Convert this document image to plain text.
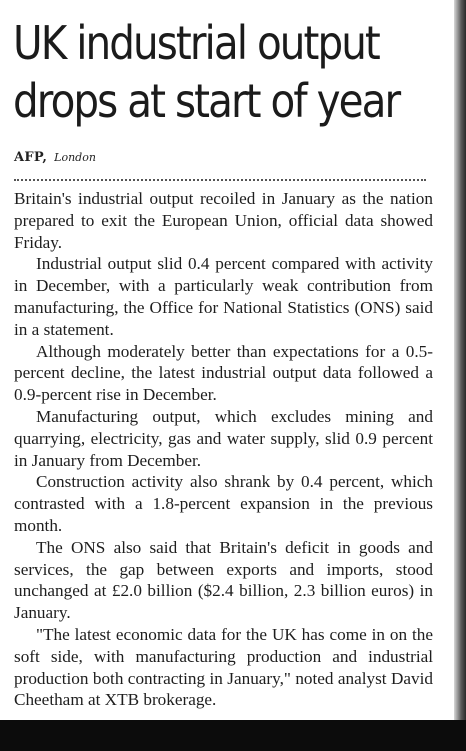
UK industrial output
drops at start of year
AFP, London

Britain's industrial output recoiled in January as the nation prepared to exit the European Union, official data showed Friday.

Industrial output slid 0.4 percent compared with activity in December, with a particularly weak contribution from manufacturing, the Office for National Statistics (ONS) said in a statement.

Although moderately better than expectations for a 0.5-percent decline, the latest industrial output data followed a 0.9-percent rise in December.

Manufacturing output, which excludes mining and quarrying, electricity, gas and water supply, slid 0.9 percent in January from December.

Construction activity also shrank by 0.4 percent, which contrasted with a 1.8-percent expansion in the previous month.

The ONS also said that Britain's deficit in goods and services, the gap between exports and imports, stood unchanged at £2.0 billion ($2.4 billion, 2.3 billion euros) in January.

"The latest economic data for the UK has come in on the soft side, with manufacturing production and industrial production both contracting in January," noted analyst David Cheetham at XTB brokerage.
